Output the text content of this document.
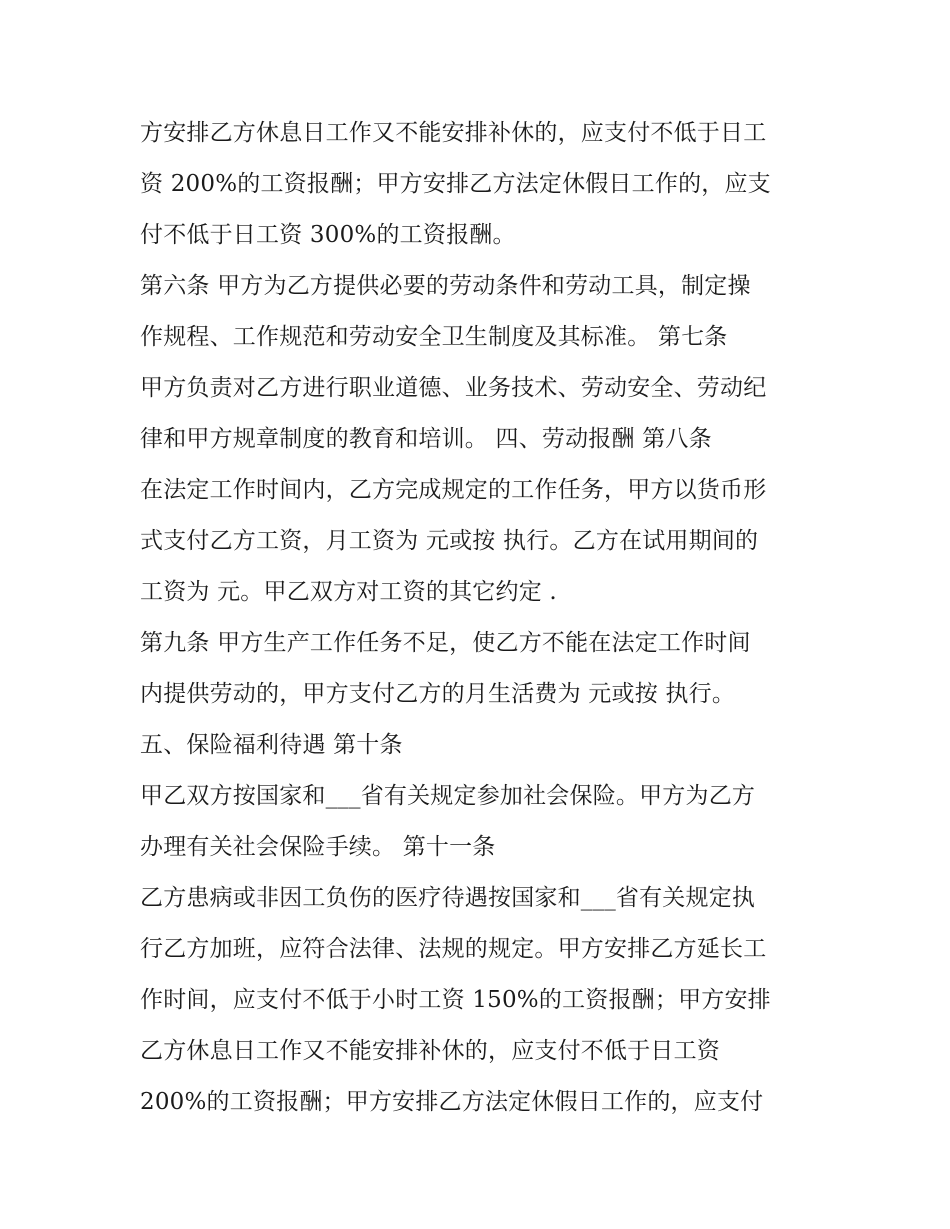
方安排乙方休息日工作又不能安排补休的，应支付不低于日工
资 200%的工资报酬；甲方安排乙方法定休假日工作的，应支
付不低于日工资 300%的工资报酬。
第六条 甲方为乙方提供必要的劳动条件和劳动工具，制定操
作规程、工作规范和劳动安全卫生制度及其标准。 第七条
甲方负责对乙方进行职业道德、业务技术、劳动安全、劳动纪
律和甲方规章制度的教育和培训。 四、劳动报酬 第八条
在法定工作时间内，乙方完成规定的工作任务，甲方以货币形
式支付乙方工资，月工资为 元或按 执行。乙方在试用期间的
工资为 元。甲乙双方对工资的其它约定 .
第九条 甲方生产工作任务不足，使乙方不能在法定工作时间
内提供劳动的，甲方支付乙方的月生活费为 元或按 执行。
五、保险福利待遇 第十条
甲乙双方按国家和___省有关规定参加社会保险。甲方为乙方
办理有关社会保险手续。 第十一条
乙方患病或非因工负伤的医疗待遇按国家和___省有关规定执
行乙方加班，应符合法律、法规的规定。甲方安排乙方延长工
作时间，应支付不低于小时工资 150%的工资报酬；甲方安排
乙方休息日工作又不能安排补休的，应支付不低于日工资
200%的工资报酬；甲方安排乙方法定休假日工作的，应支付
